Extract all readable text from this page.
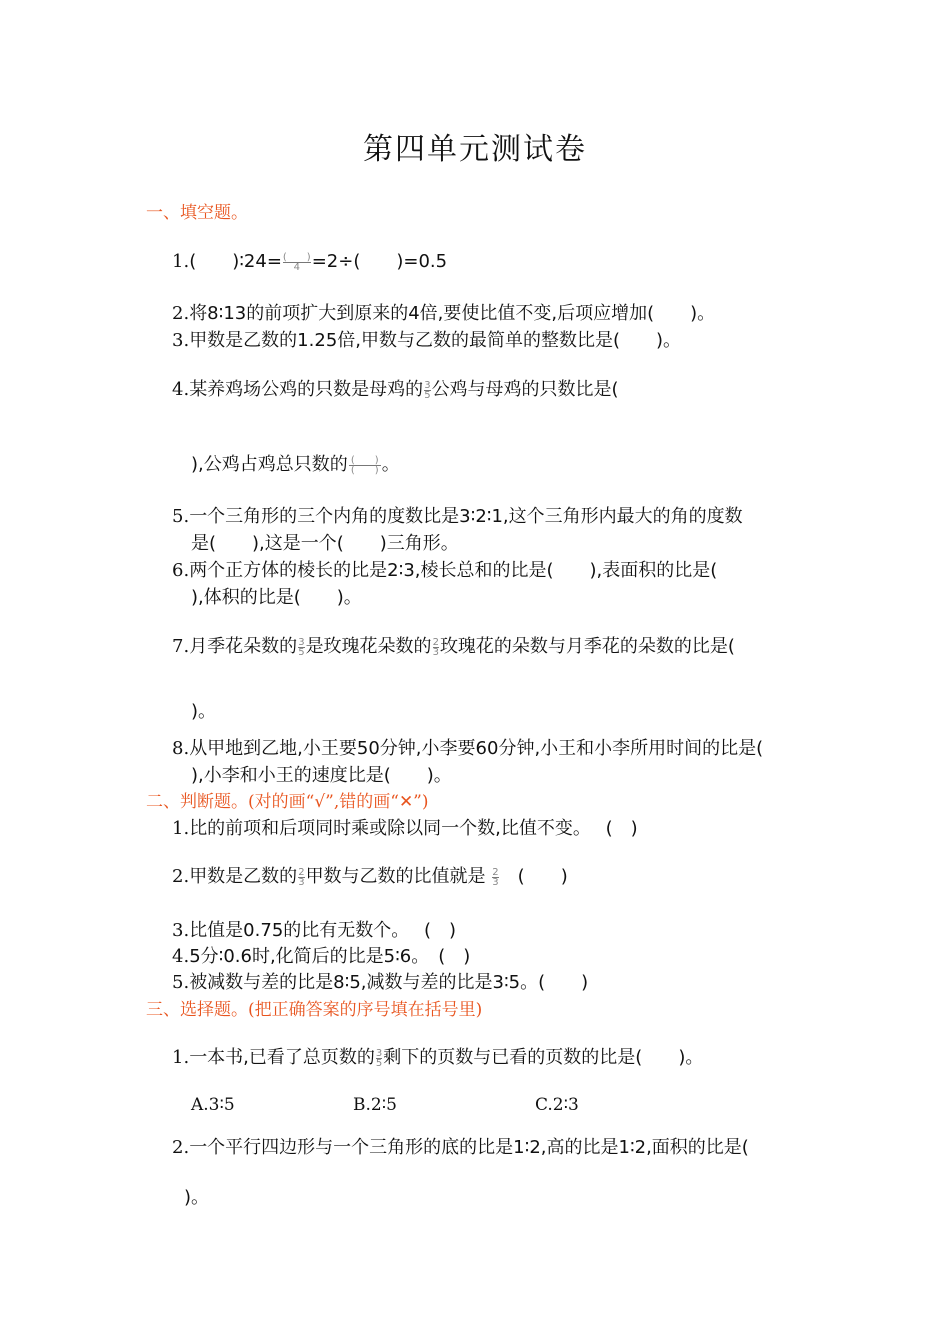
第四单元测试卷
一、填空题。
1.(　　)∶24= $\frac{( )}{4} =2\div$(　　)=0.5
2.将8∶13的前项扩大到原来的4倍,要使比值不变,后项应增加(　　)。
3.甲数是乙数的1.25倍,甲数与乙数的最简单的整数比是(　　)。
4.某养鸡场公鸡的只数是母鸡的 $\frac{3}{5}$ 公鸡与母鸡的只数比是(
),公鸡占鸡总只数的 $\frac{( )}{( )}$ 。
5.一个三角形的三个内角的度数比是3∶2∶1,这个三角形内最大的角的度数
是(　　),这是一个(　　)三角形。
6.两个正方体的棱长的比是2∶3,棱长总和的比是(　　),表面积的比是(
),体积的比是(　　)。
7.月季花朵数的 $\frac{3}{5}$ 是玫瑰花朵数的 $\frac{2}{3}$ 玫瑰花的朵数与月季花的朵数的比是(
)。
8.从甲地到乙地,小王要50分钟,小李要60分钟,小王和小李所用时间的比是(
),小李和小王的速度比是(　　)。
二、判断题。(对的画“√”,错的画“✕”)
1.比的前项和后项同时乘或除以同一个数,比值不变。　 (　)
2.甲数是乙数的 $\frac{2}{3}$ 甲数与乙数的比值就是 $\frac{2}{3}$ 　(　　)
3.比值是0.75的比有无数个。　 (　)
4.5分∶0.6时,化简后的比是5∶6。　(　)
5.被减数与差的比是8∶5,减数与差的比是3∶5。(　　)
三、选择题。(把正确答案的序号填在括号里)
1.一本书,已看了总页数的 $\frac{3}{5}$ 剩下的页数与已看的页数的比是(　　)。
A.3∶5	B.2∶5	C.2∶3
2.一个平行四边形与一个三角形的底的比是1∶2,高的比是1∶2,面积的比是(
)。
